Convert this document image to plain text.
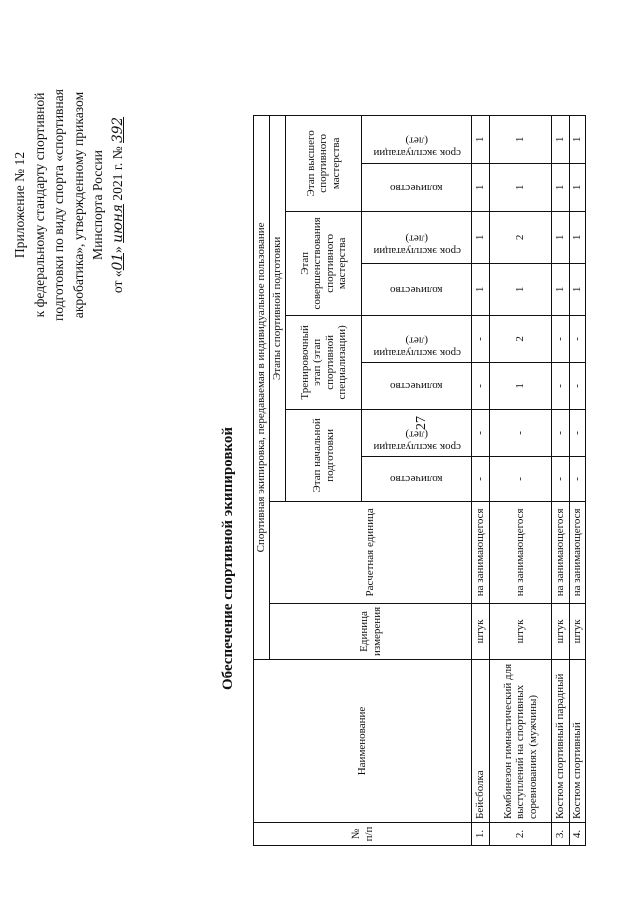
27
Приложение № 12 к федеральному стандарту спортивной подготовки по виду спорта «спортивная акробатика», утвержденному приказом Минспорта России
от «01» июня 2021 г. № 392
Обеспечение спортивной экипировкой
№ п/п	Наименование	Спортивная экипировка, передаваемая в индивидуальное пользование									
		Единица измерения	Расчетная единица	Этапы спортивной подготовки							
				Этап начальной подготовки		Тренировочный этап (этап спортивной специализации)		Этап совершенствования спортивного мастерства		Этап высшего спортивного мастерства	

				количество	срок эксплуатации (лет)	количество	срок эксплуатации (лет)	количество	срок эксплуатации (лет)	количество	срок эксплуатации (лет)

1.	Бейсболка	штук	на занимающегося	-	-	-	-	1	1	1	1
2.	Комбинезон гимнастический для выступлений на спортивных соревнованиях (мужчины)	штук	на занимающегося	-	-	1	2	1	2	1	1
3.	Костюм спортивный парадный	штук	на занимающегося	-	-	-	-	1	1	1	1
4.	Костюм спортивный	штук	на занимающегося	-	-	-	-	1	1	1	1
